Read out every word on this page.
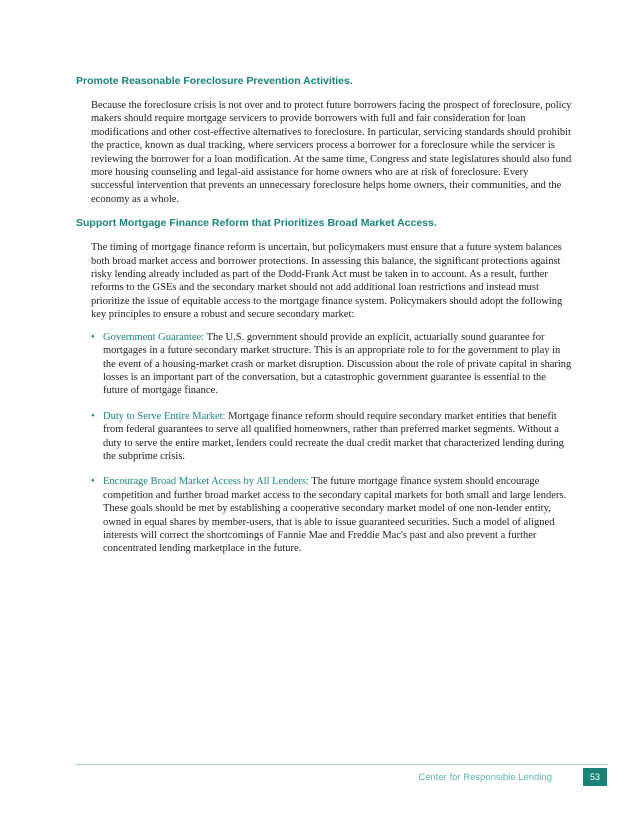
Promote Reasonable Foreclosure Prevention Activities.

Because the foreclosure crisis is not over and to protect future borrowers facing the prospect of foreclosure, policy makers should require mortgage servicers to provide borrowers with full and fair consideration for loan modifications and other cost-effective alternatives to foreclosure. In particular, servicing standards should prohibit the practice, known as dual tracking, where servicers process a borrower for a foreclosure while the servicer is reviewing the borrower for a loan modification. At the same time, Congress and state legislatures should also fund more housing counseling and legal-aid assistance for home owners who are at risk of foreclosure. Every successful intervention that prevents an unnecessary foreclosure helps home owners, their communities, and the economy as a whole.

Support Mortgage Finance Reform that Prioritizes Broad Market Access.

The timing of mortgage finance reform is uncertain, but policymakers must ensure that a future system balances both broad market access and borrower protections. In assessing this balance, the significant protections against risky lending already included as part of the Dodd-Frank Act must be taken in to account. As a result, further reforms to the GSEs and the secondary market should not add additional loan restrictions and instead must prioritize the issue of equitable access to the mortgage finance system. Policymakers should adopt the following key principles to ensure a robust and secure secondary market:

• Government Guarantee: The U.S. government should provide an explicit, actuarially sound guarantee for mortgages in a future secondary market structure. This is an appropriate role to for the government to play in the event of a housing-market crash or market disruption. Discussion about the role of private capital in sharing losses is an important part of the conversation, but a catastrophic government guarantee is essential to the future of mortgage finance.
• Duty to Serve Entire Market: Mortgage finance reform should require secondary market entities that benefit from federal guarantees to serve all qualified homeowners, rather than preferred market segments. Without a duty to serve the entire market, lenders could recreate the dual credit market that characterized lending during the subprime crisis.
• Encourage Broad Market Access by All Lenders: The future mortgage finance system should encourage competition and further broad market access to the secondary capital markets for both small and large lenders. These goals should be met by establishing a cooperative secondary market model of one non-lender entity, owned in equal shares by member-users, that is able to issue guaranteed securities. Such a model of aligned interests will correct the shortcomings of Fannie Mae and Freddie Mac's past and also prevent a further concentrated lending marketplace in the future.
Center for Responsible Lending	53
